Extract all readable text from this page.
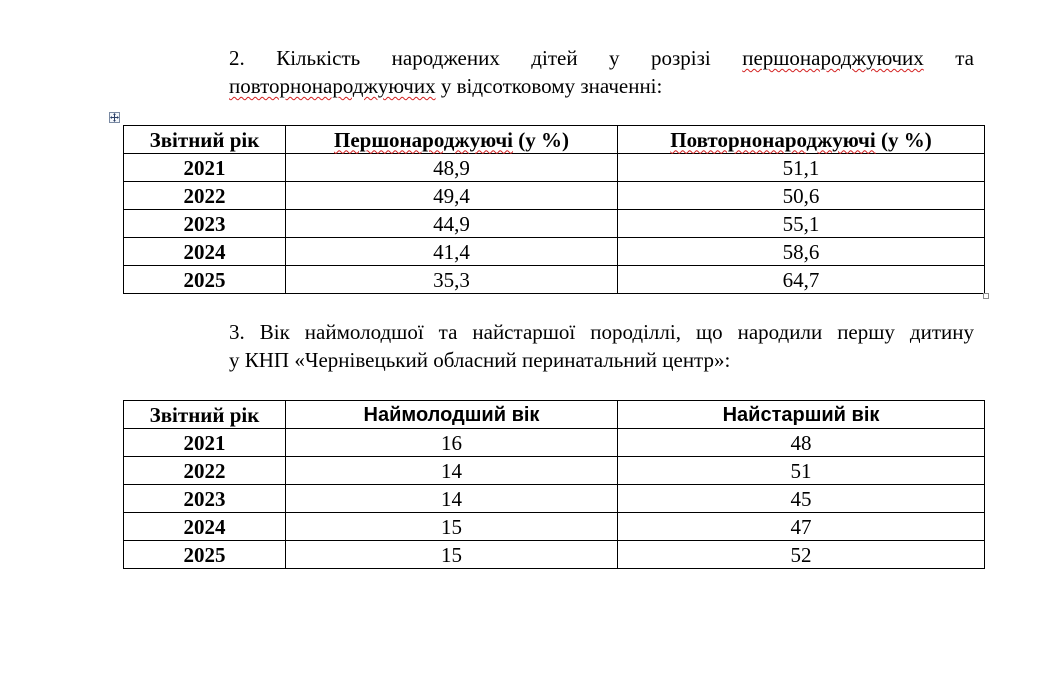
2. Кількість народжених дітей у розрізі першонароджуючих та
повторнонароджуючих у відсотковому значенні:

Звітний рік	Першонароджуючі (у %)	Повторнонароджуючі (у %)
2021	48,9	51,1
2022	49,4	50,6
2023	44,9	55,1
2024	41,4	58,6
2025	35,3	64,7

3. Вік наймолодшої та найстаршої породіллі, що народили першу дитину
у КНП «Чернівецький обласний перинатальний центр»:

Звітний рік	Наймолодший вік	Найстарший вік
2021	16	48
2022	14	51
2023	14	45
2024	15	47
2025	15	52
